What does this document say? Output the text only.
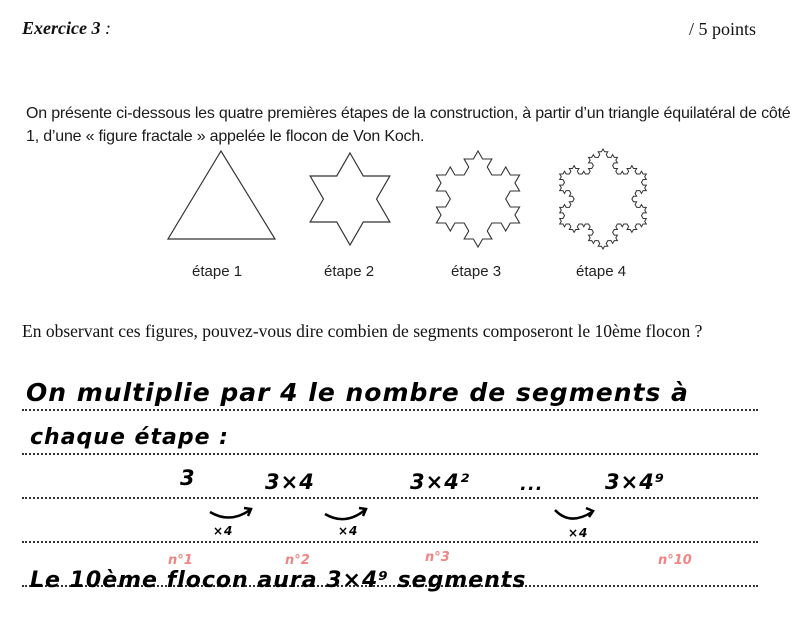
Exercice 3 :	/ 5 points
On présente ci-dessous les quatre premières étapes de la construction, à partir d’un triangle équilatéral de côté 1, d’une « figure fractale » appelée le flocon de Von Koch.
étape 1	étape 2	étape 3	étape 4
En observant ces figures, pouvez-vous dire combien de segments composeront le 10ème flocon ?
On multiplie par 4 le nombre de segments à
chaque étape :
3	3×4	3×4²	...	3×4⁹
×4	×4	×4
n°1	n°2	n°3	n°10
Le 10ème flocon aura 3×4⁹ segments
